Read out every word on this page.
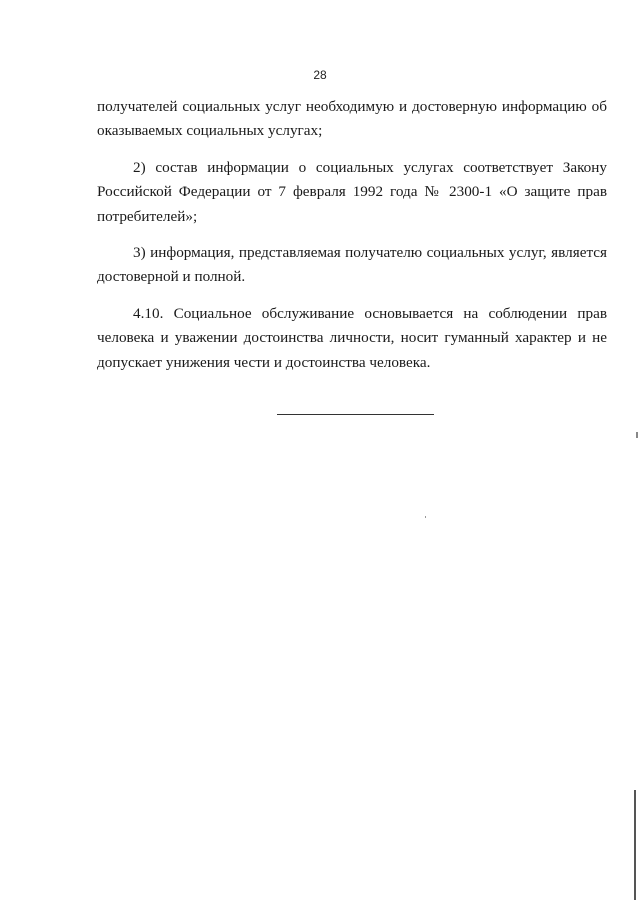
28
получателей социальных услуг необходимую и достоверную информацию об
оказываемых социальных услугах;
2) состав информации о социальных услугах соответствует Закону
Российской Федерации от 7 февраля 1992 года № 2300-1 «О защите прав
потребителей»;
3) информация, представляемая получателю социальных услуг, является
достоверной и полной.
4.10. Социальное обслуживание основывается на соблюдении прав
человека и уважении достоинства личности, носит гуманный характер и не
допускает унижения чести и достоинства человека.
